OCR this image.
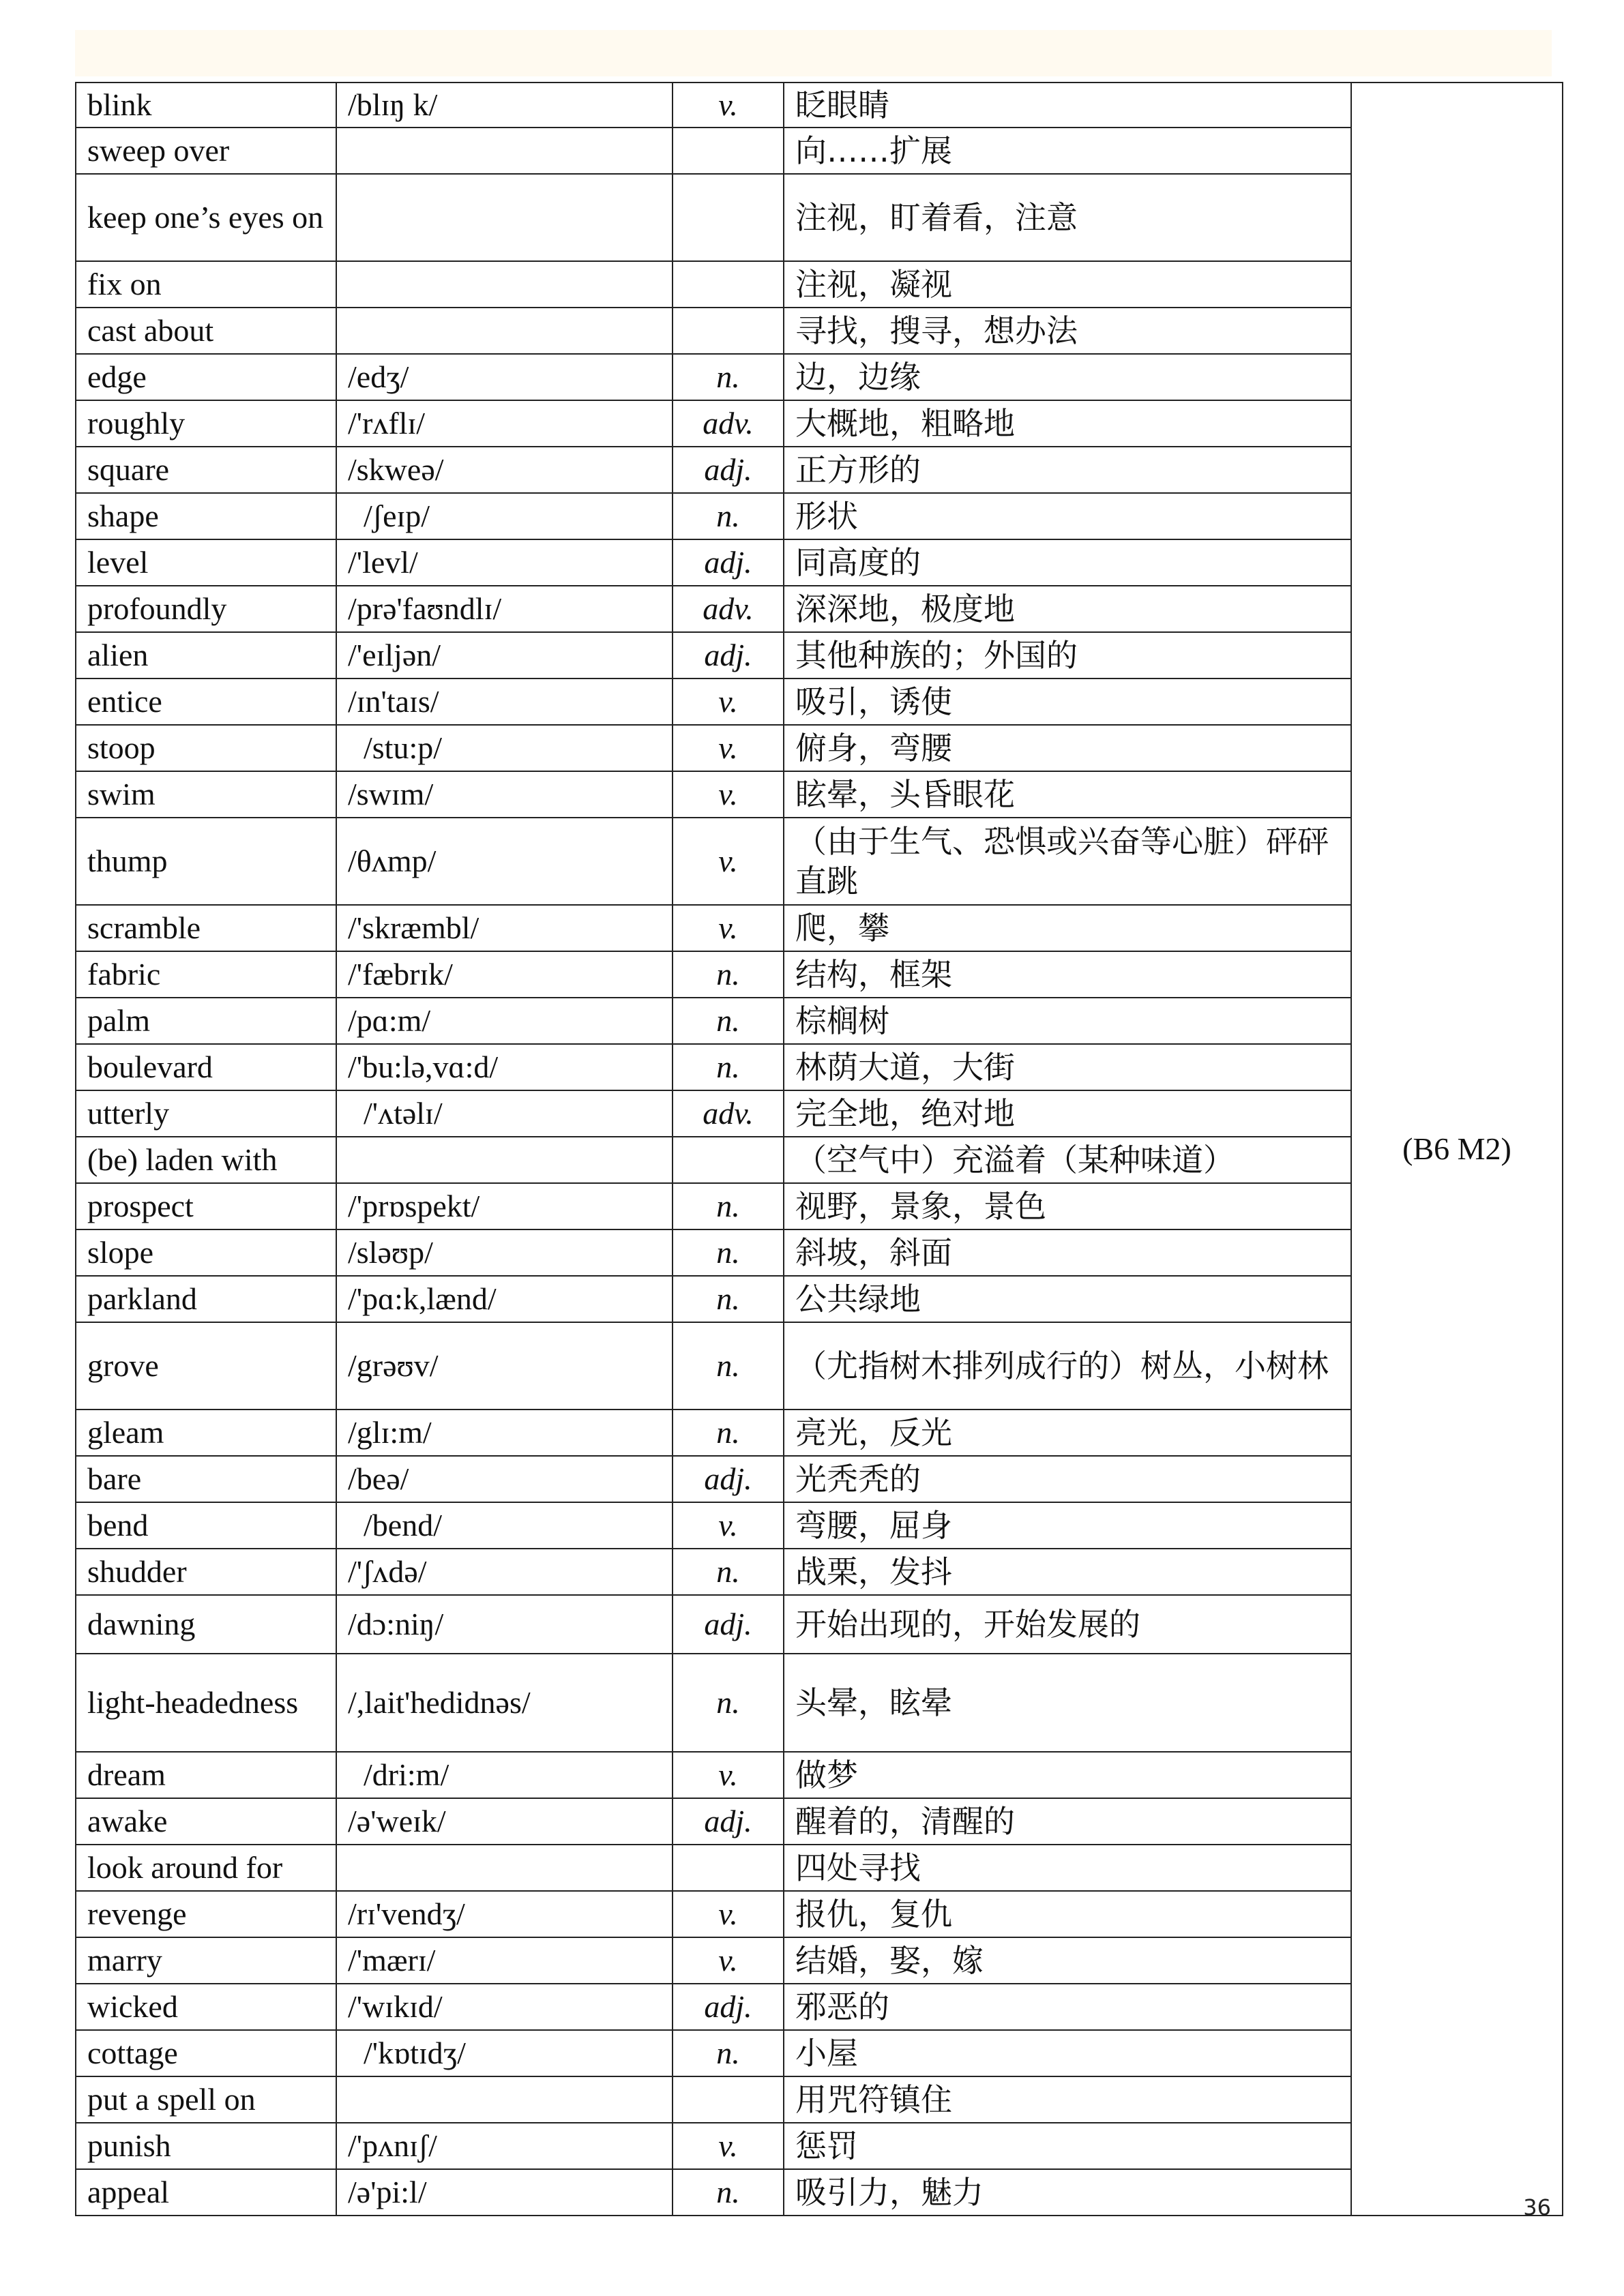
blink	/blɪŋ k/	v.	眨眼睛	(B6 M2)
sweep over			向……扩展	
keep one’s eyes on			注视，盯着看，注意	
fix on			注视，凝视	
cast about			寻找，搜寻，想办法	
edge	/edʒ/	n.	边，边缘	
roughly	/'rʌflɪ/	adv.	大概地，粗略地	
square	/skweə/	adj.	正方形的	
shape	/ʃeɪp/	n.	形状	
level	/'levl/	adj.	同高度的	
profoundly	/prə'faʊndlɪ/	adv.	深深地，极度地	
alien	/'eɪljən/	adj.	其他种族的；外国的	
entice	/ɪn'taɪs/	v.	吸引，诱使	
stoop	/stu:p/	v.	俯身，弯腰	
swim	/swɪm/	v.	眩晕，头昏眼花	
thump	/θʌmp/	v.	（由于生气、恐惧或兴奋等心脏）砰砰直跳	
scramble	/'skræmbl/	v.	爬，攀	
fabric	/'fæbrɪk/	n.	结构，框架	
palm	/pɑ:m/	n.	棕榈树	
boulevard	/'bu:lə,vɑ:d/	n.	林荫大道，大街	
utterly	/'ʌtəlɪ/	adv.	完全地，绝对地	
(be) laden with			（空气中）充溢着（某种味道）	
prospect	/'prɒspekt/	n.	视野，景象，景色	
slope	/sləʊp/	n.	斜坡，斜面	
parkland	/'pɑ:k,lænd/	n.	公共绿地	
grove	/grəʊv/	n.	（尤指树木排列成行的）树丛，小树林	
gleam	/glɪ:m/	n.	亮光，反光	
bare	/beə/	adj.	光秃秃的	
bend	/bend/	v.	弯腰，屈身	
shudder	/'ʃʌdə/	n.	战栗，发抖	
dawning	/dɔ:niŋ/	adj.	开始出现的，开始发展的	
light-headedness	/,lait'hedidnəs/	n.	头晕，眩晕	
dream	/dri:m/	v.	做梦	
awake	/ə'weɪk/	adj.	醒着的，清醒的	
look around for			四处寻找	
revenge	/rɪ'vendʒ/	v.	报仇，复仇	
marry	/'mærɪ/	v.	结婚，娶，嫁	
wicked	/'wɪkɪd/	adj.	邪恶的	
cottage	/'kɒtɪdʒ/	n.	小屋	
put a spell on			用咒符镇住	
punish	/'pʌnɪʃ/	v.	惩罚	
appeal	/ə'pi:l/	n.	吸引力，魅力		36
